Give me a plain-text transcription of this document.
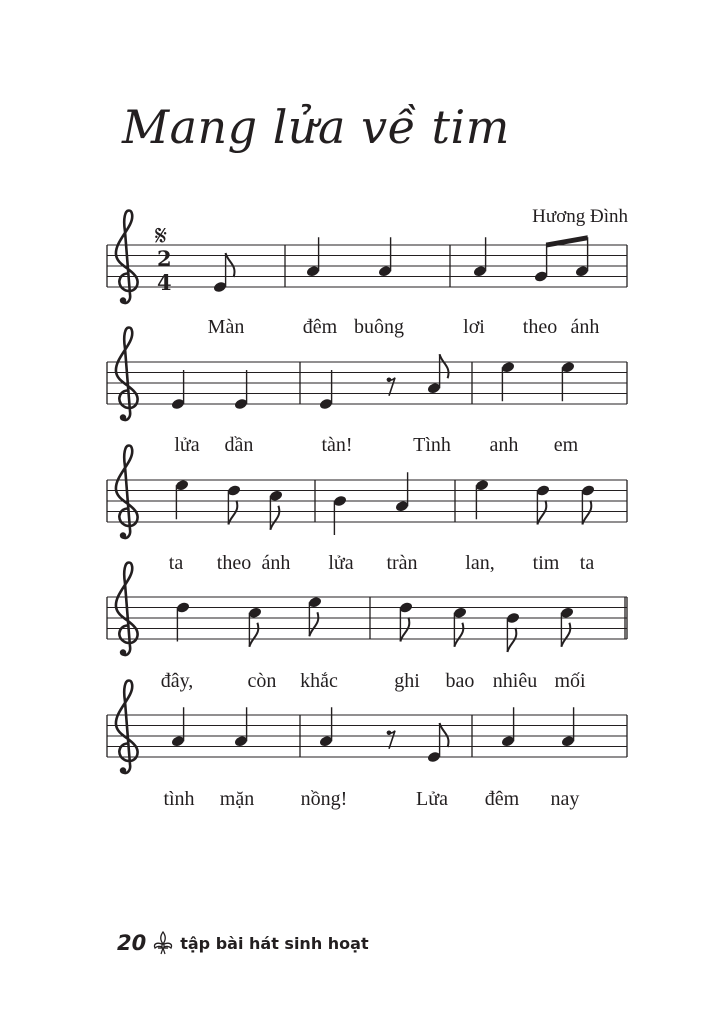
Mang lửa về tim
Hương Đình
𝄋
2
4
Màn	đêm buông	lơi theo ánh
lửa dần	tàn!	Tình anh em
ta theo ánh lửa tràn lan, tim ta
đây,	còn khắc	ghi bao nhiêu mối
tình mặn nồng!	Lửa đêm nay
20 tập bài hát sinh hoạt
